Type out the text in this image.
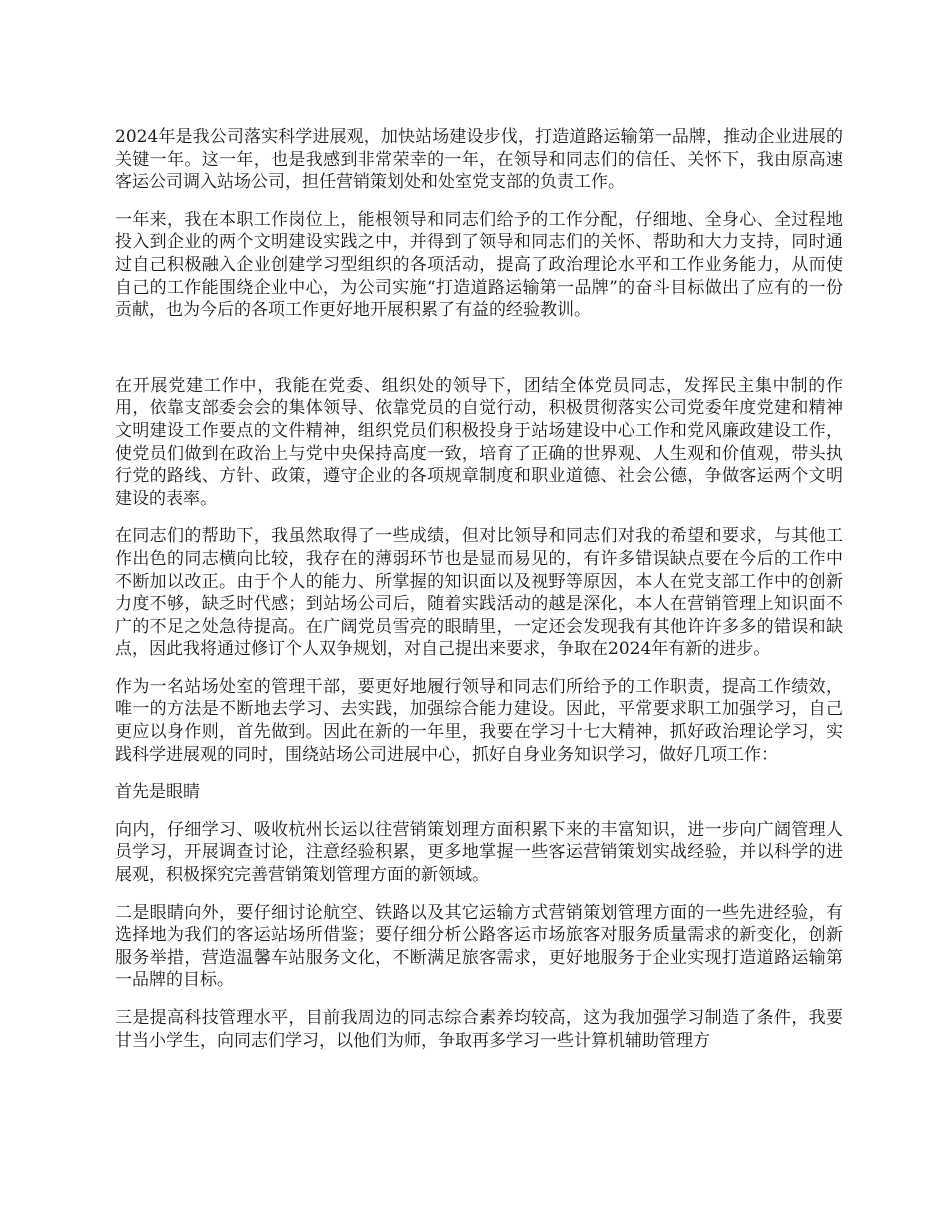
2024年是我公司落实科学进展观，加快站场建设步伐，打造道路运输第一品牌，推动企业进展的关键一年。这一年，也是我感到非常荣幸的一年，在领导和同志们的信任、关怀下，我由原高速客运公司调入站场公司，担任营销策划处和处室党支部的负责工作。

一年来，我在本职工作岗位上，能根领导和同志们给予的工作分配，仔细地、全身心、全过程地投入到企业的两个文明建设实践之中，并得到了领导和同志们的关怀、帮助和大力支持，同时通过自己积极融入企业创建学习型组织的各项活动，提高了政治理论水平和工作业务能力，从而使自己的工作能围绕企业中心，为公司实施“打造道路运输第一品牌”的奋斗目标做出了应有的一份贡献，也为今后的各项工作更好地开展积累了有益的经验教训。

在开展党建工作中，我能在党委、组织处的领导下，团结全体党员同志，发挥民主集中制的作用，依靠支部委会会的集体领导、依靠党员的自觉行动，积极贯彻落实公司党委年度党建和精神文明建设工作要点的文件精神，组织党员们积极投身于站场建设中心工作和党风廉政建设工作，使党员们做到在政治上与党中央保持高度一致，培育了正确的世界观、人生观和价值观，带头执行党的路线、方针、政策，遵守企业的各项规章制度和职业道德、社会公德，争做客运两个文明建设的表率。

在同志们的帮助下，我虽然取得了一些成绩，但对比领导和同志们对我的希望和要求，与其他工作出色的同志横向比较，我存在的薄弱环节也是显而易见的，有许多错误缺点要在今后的工作中不断加以改正。由于个人的能力、所掌握的知识面以及视野等原因，本人在党支部工作中的创新力度不够，缺乏时代感；到站场公司后，随着实践活动的越是深化，本人在营销管理上知识面不广的不足之处急待提高。在广阔党员雪亮的眼睛里，一定还会发现我有其他许许多多的错误和缺点，因此我将通过修订个人双争规划，对自己提出来要求，争取在2024年有新的进步。

作为一名站场处室的管理干部，要更好地履行领导和同志们所给予的工作职责，提高工作绩效，唯一的方法是不断地去学习、去实践，加强综合能力建设。因此，平常要求职工加强学习，自己更应以身作则，首先做到。因此在新的一年里，我要在学习十七大精神，抓好政治理论学习，实践科学进展观的同时，围绕站场公司进展中心，抓好自身业务知识学习，做好几项工作：

首先是眼睛

向内，仔细学习、吸收杭州长运以往营销策划理方面积累下来的丰富知识，进一步向广阔管理人员学习，开展调查讨论，注意经验积累，更多地掌握一些客运营销策划实战经验，并以科学的进展观，积极探究完善营销策划管理方面的新领域。

二是眼睛向外，要仔细讨论航空、铁路以及其它运输方式营销策划管理方面的一些先进经验，有选择地为我们的客运站场所借鉴；要仔细分析公路客运市场旅客对服务质量需求的新变化，创新服务举措，营造温馨车站服务文化，不断满足旅客需求，更好地服务于企业实现打造道路运输第一品牌的目标。

三是提高科技管理水平，目前我周边的同志综合素养均较高，这为我加强学习制造了条件，我要甘当小学生，向同志们学习，以他们为师，争取再多学习一些计算机辅助管理方
